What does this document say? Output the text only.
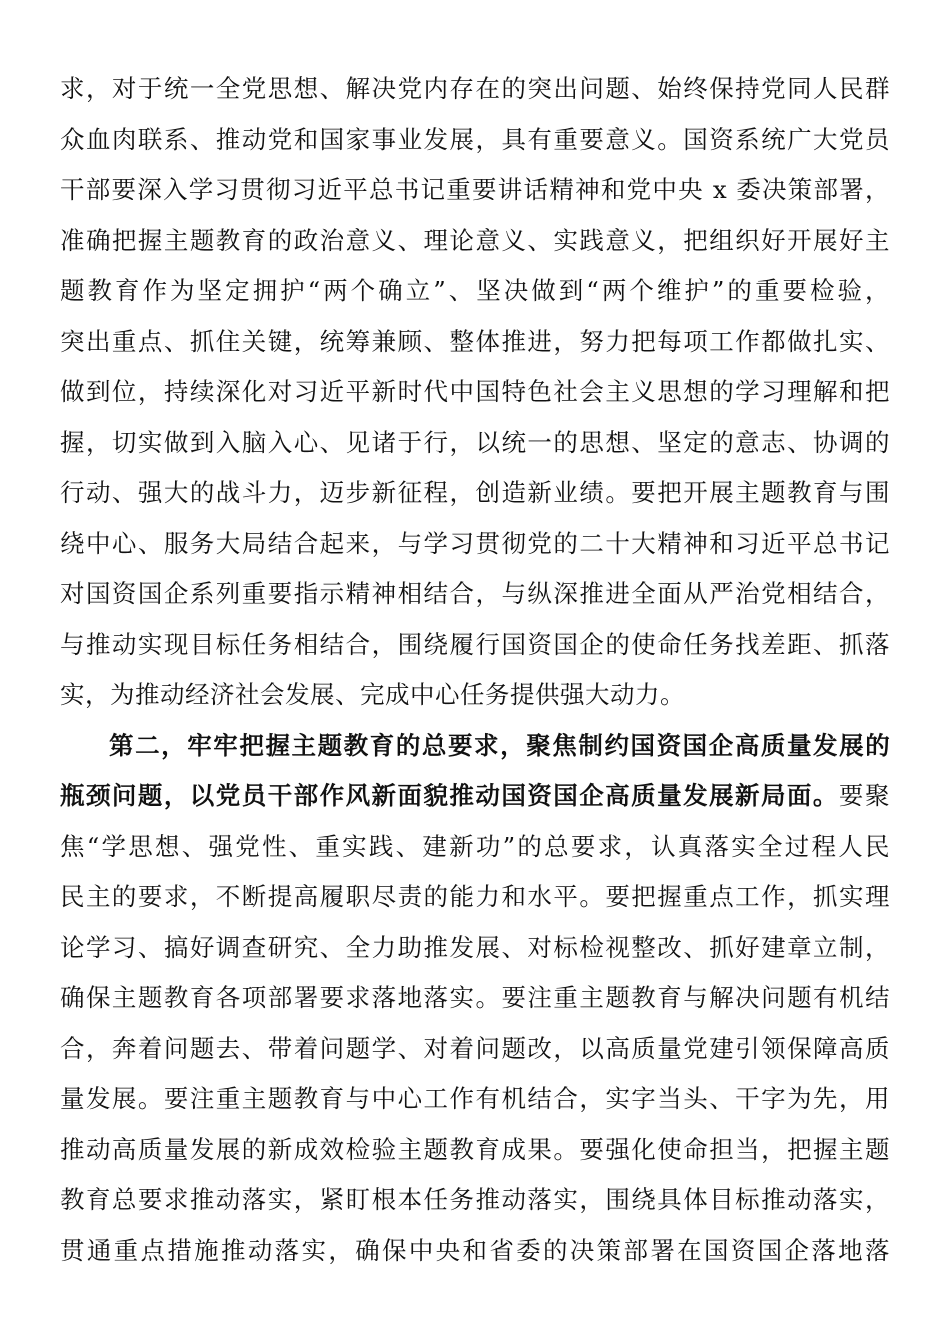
求，对于统一全党思想、解决党内存在的突出问题、始终保持党同人民群
众血肉联系、推动党和国家事业发展，具有重要意义。国资系统广大党员
干部要深入学习贯彻习近平总书记重要讲话精神和党中央 x 委决策部署，
准确把握主题教育的政治意义、理论意义、实践意义，把组织好开展好主
题教育作为坚定拥护“两个确立”、坚决做到“两个维护”的重要检验，
突出重点、抓住关键，统筹兼顾、整体推进，努力把每项工作都做扎实、
做到位，持续深化对习近平新时代中国特色社会主义思想的学习理解和把
握，切实做到入脑入心、见诸于行，以统一的思想、坚定的意志、协调的
行动、强大的战斗力，迈步新征程，创造新业绩。要把开展主题教育与围
绕中心、服务大局结合起来，与学习贯彻党的二十大精神和习近平总书记
对国资国企系列重要指示精神相结合，与纵深推进全面从严治党相结合，
与推动实现目标任务相结合，围绕履行国资国企的使命任务找差距、抓落
实，为推动经济社会发展、完成中心任务提供强大动力。
第二，牢牢把握主题教育的总要求，聚焦制约国资国企高质量发展的
瓶颈问题，以党员干部作风新面貌推动国资国企高质量发展新局面。要聚
焦“学思想、强党性、重实践、建新功”的总要求，认真落实全过程人民
民主的要求，不断提高履职尽责的能力和水平。要把握重点工作，抓实理
论学习、搞好调查研究、全力助推发展、对标检视整改、抓好建章立制，
确保主题教育各项部署要求落地落实。要注重主题教育与解决问题有机结
合，奔着问题去、带着问题学、对着问题改，以高质量党建引领保障高质
量发展。要注重主题教育与中心工作有机结合，实字当头、干字为先，用
推动高质量发展的新成效检验主题教育成果。要强化使命担当，把握主题
教育总要求推动落实，紧盯根本任务推动落实，围绕具体目标推动落实，
贯通重点措施推动落实，确保中央和省委的决策部署在国资国企落地落
